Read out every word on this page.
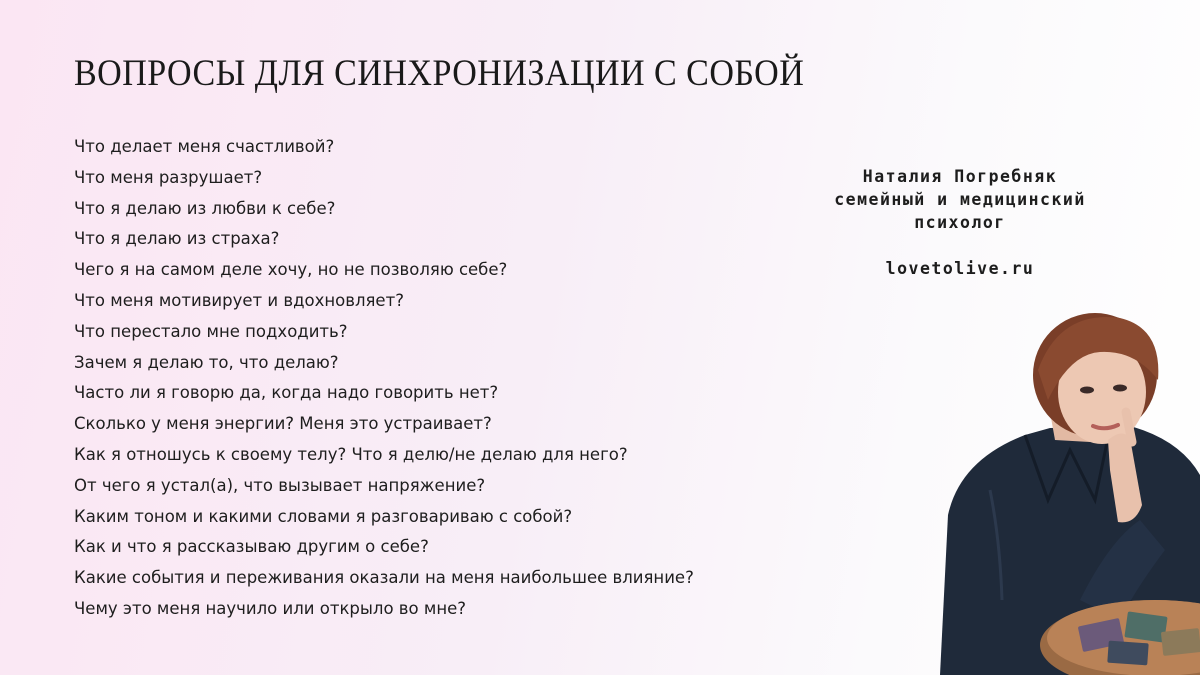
ВОПРОСЫ ДЛЯ СИНХРОНИЗАЦИИ С СОБОЙ
Что делает меня счастливой?
Что меня разрушает?
Что я делаю из любви к себе?
Что я делаю из страха?
Чего я на самом деле хочу, но не позволяю себе?
Что меня мотивирует и вдохновляет?
Что перестало мне подходить?
Зачем я делаю то, что делаю?
Часто ли я говорю да, когда надо говорить нет?
Сколько у меня энергии? Меня это устраивает?
Как я отношусь к своему телу? Что я делю/не делаю для него?
От чего я устал(а), что вызывает напряжение?
Каким тоном и какими словами я разговариваю с собой?
Как и что я рассказываю другим о себе?
Какие события и переживания оказали на меня наибольшее влияние?
Чему это меня научило или открыло во мне?
Наталия Погребняк
семейный и медицинский
психолог
lovetolive.ru
